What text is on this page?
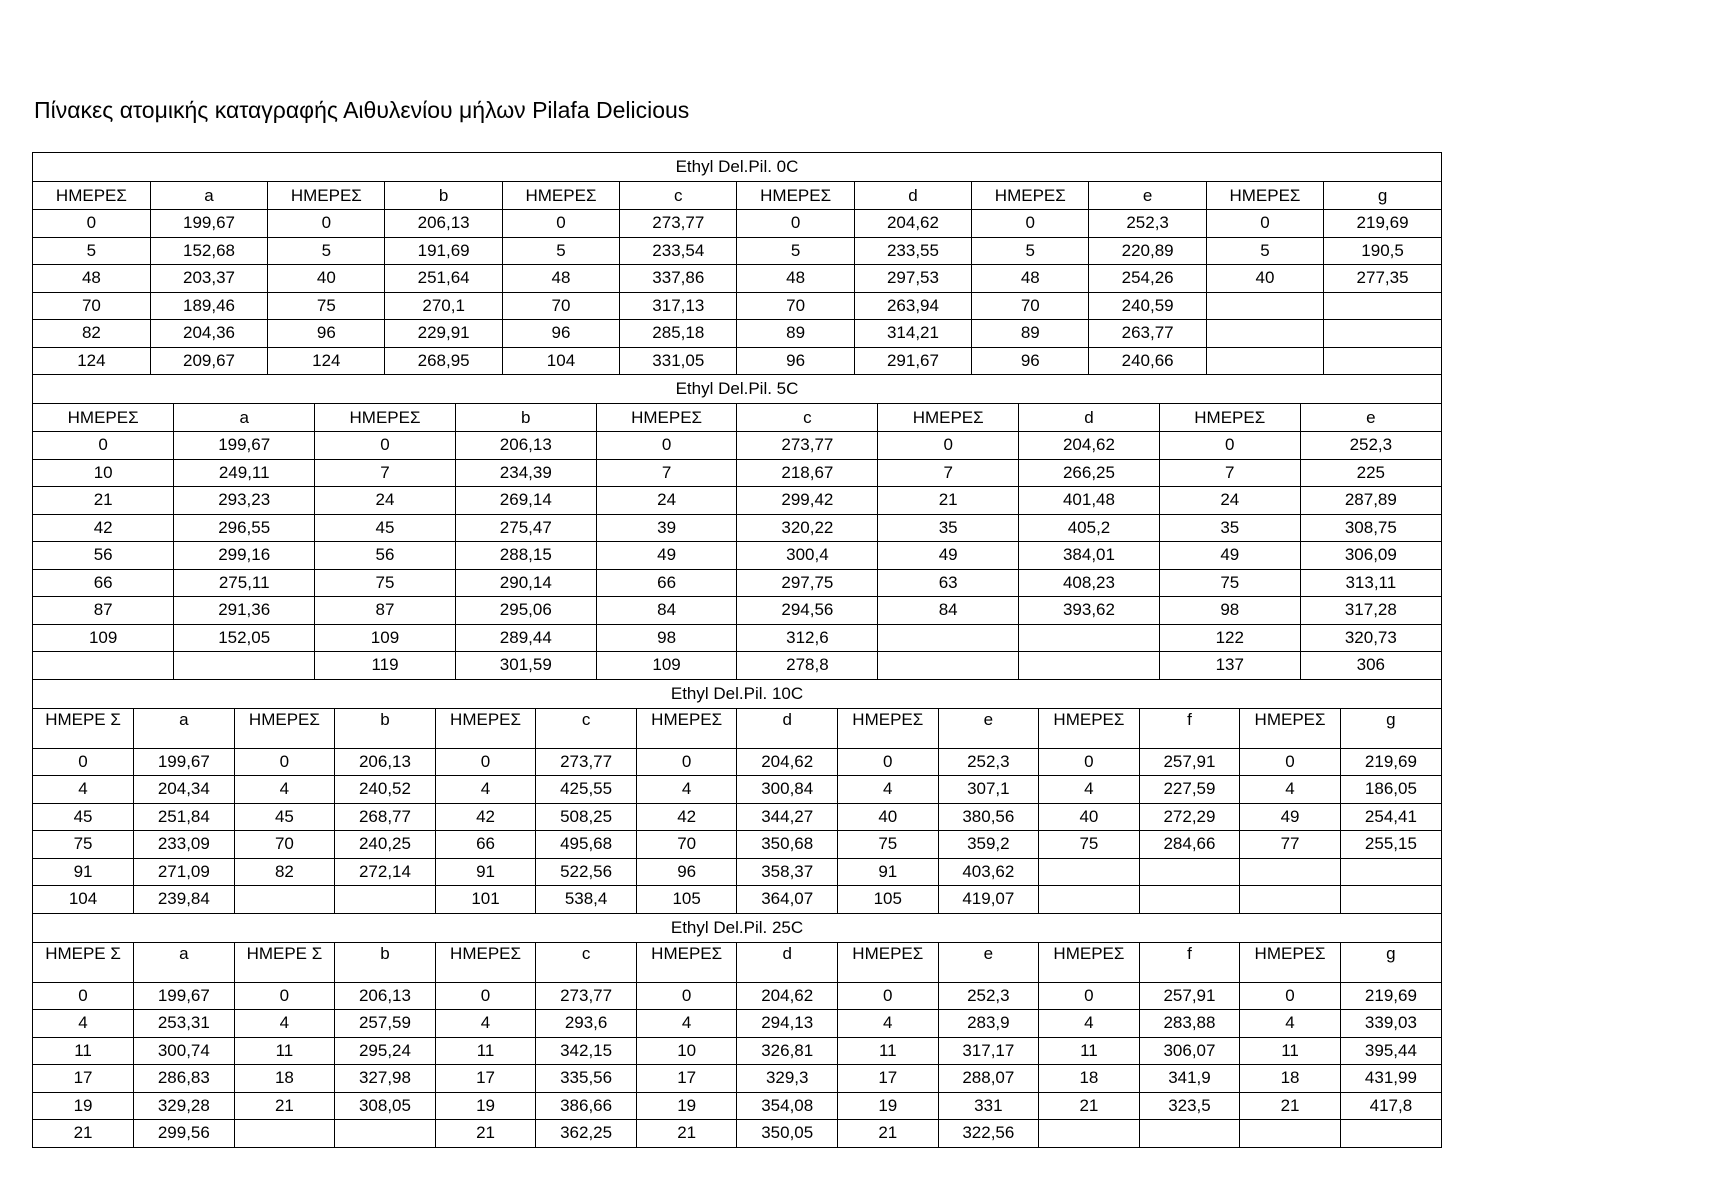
Πίνακες ατομικής καταγραφής Αιθυλενίου μήλων Pilafa Delicious
Ethyl Del.Pil. 0C
ΗΜΕΡΕΣ	a	ΗΜΕΡΕΣ	b	ΗΜΕΡΕΣ	c	ΗΜΕΡΕΣ	d	ΗΜΕΡΕΣ	e	ΗΜΕΡΕΣ	g
0	199,67	0	206,13	0	273,77	0	204,62	0	252,3	0	219,69
5	152,68	5	191,69	5	233,54	5	233,55	5	220,89	5	190,5
48	203,37	40	251,64	48	337,86	48	297,53	48	254,26	40	277,35
70	189,46	75	270,1	70	317,13	70	263,94	70	240,59		
82	204,36	96	229,91	96	285,18	89	314,21	89	263,77		
124	209,67	124	268,95	104	331,05	96	291,67	96	240,66		
Ethyl Del.Pil. 5C
ΗΜΕΡΕΣ	a	ΗΜΕΡΕΣ	b	ΗΜΕΡΕΣ	c	ΗΜΕΡΕΣ	d	ΗΜΕΡΕΣ	e
0	199,67	0	206,13	0	273,77	0	204,62	0	252,3
10	249,11	7	234,39	7	218,67	7	266,25	7	225
21	293,23	24	269,14	24	299,42	21	401,48	24	287,89
42	296,55	45	275,47	39	320,22	35	405,2	35	308,75
56	299,16	56	288,15	49	300,4	49	384,01	49	306,09
66	275,11	75	290,14	66	297,75	63	408,23	75	313,11
87	291,36	87	295,06	84	294,56	84	393,62	98	317,28
109	152,05	109	289,44	98	312,6			122	320,73
		119	301,59	109	278,8			137	306
Ethyl Del.Pil. 10C
ΗΜΕΡΕ Σ	a	ΗΜΕΡΕΣ	b	ΗΜΕΡΕΣ	c	ΗΜΕΡΕΣ	d	ΗΜΕΡΕΣ	e	ΗΜΕΡΕΣ	f	ΗΜΕΡΕΣ	g
0	199,67	0	206,13	0	273,77	0	204,62	0	252,3	0	257,91	0	219,69
4	204,34	4	240,52	4	425,55	4	300,84	4	307,1	4	227,59	4	186,05
45	251,84	45	268,77	42	508,25	42	344,27	40	380,56	40	272,29	49	254,41
75	233,09	70	240,25	66	495,68	70	350,68	75	359,2	75	284,66	77	255,15
91	271,09	82	272,14	91	522,56	96	358,37	91	403,62				
104	239,84			101	538,4	105	364,07	105	419,07				
Ethyl Del.Pil. 25C
ΗΜΕΡΕ Σ	a	ΗΜΕΡΕ Σ	b	ΗΜΕΡΕΣ	c	ΗΜΕΡΕΣ	d	ΗΜΕΡΕΣ	e	ΗΜΕΡΕΣ	f	ΗΜΕΡΕΣ	g
0	199,67	0	206,13	0	273,77	0	204,62	0	252,3	0	257,91	0	219,69
4	253,31	4	257,59	4	293,6	4	294,13	4	283,9	4	283,88	4	339,03
11	300,74	11	295,24	11	342,15	10	326,81	11	317,17	11	306,07	11	395,44
17	286,83	18	327,98	17	335,56	17	329,3	17	288,07	18	341,9	18	431,99
19	329,28	21	308,05	19	386,66	19	354,08	19	331	21	323,5	21	417,8
21	299,56			21	362,25	21	350,05	21	322,56				
